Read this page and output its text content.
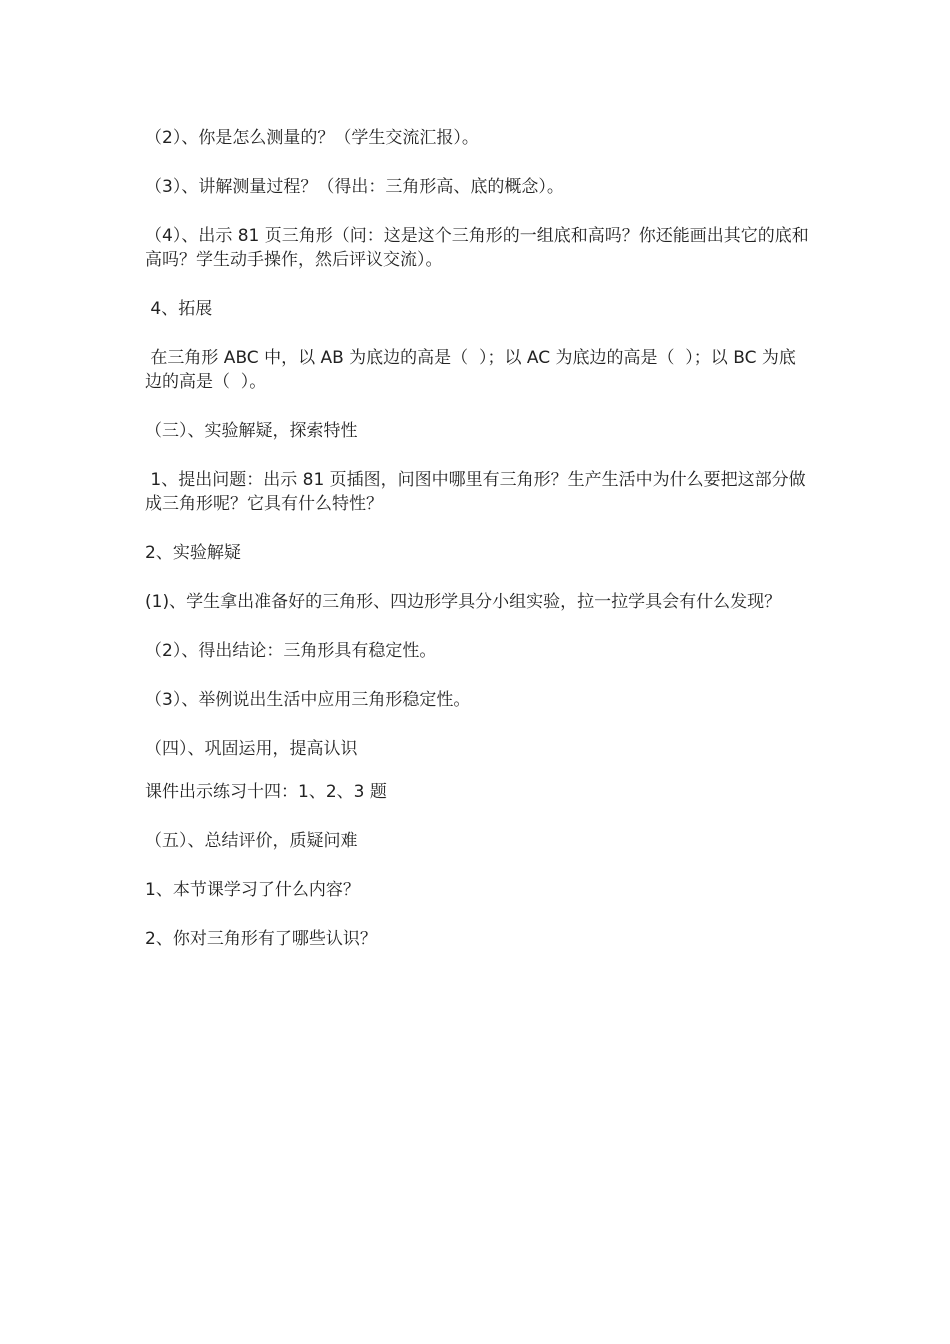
（2）、你是怎么测量的？（学生交流汇报）。

（3）、讲解测量过程？（得出：三角形高、底的概念）。

（4）、出示 81 页三角形（问：这是这个三角形的一组底和高吗？你还能画出其它的底和高吗？学生动手操作，然后评议交流）。

4、拓展

在三角形 ABC 中，以 AB 为底边的高是（  ）；以 AC 为底边的高是（  ）；以 BC 为底边的高是（  ）。

（三）、实验解疑，探索特性

1、提出问题：出示 81 页插图，问图中哪里有三角形？生产生活中为什么要把这部分做成三角形呢？它具有什么特性？

2、实验解疑

(1)、学生拿出准备好的三角形、四边形学具分小组实验，拉一拉学具会有什么发现？

（2）、得出结论：三角形具有稳定性。

（3）、举例说出生活中应用三角形稳定性。

（四）、巩固运用，提高认识

课件出示练习十四：1、2、3 题

（五）、总结评价，质疑问难

1、本节课学习了什么内容？

2、你对三角形有了哪些认识？
